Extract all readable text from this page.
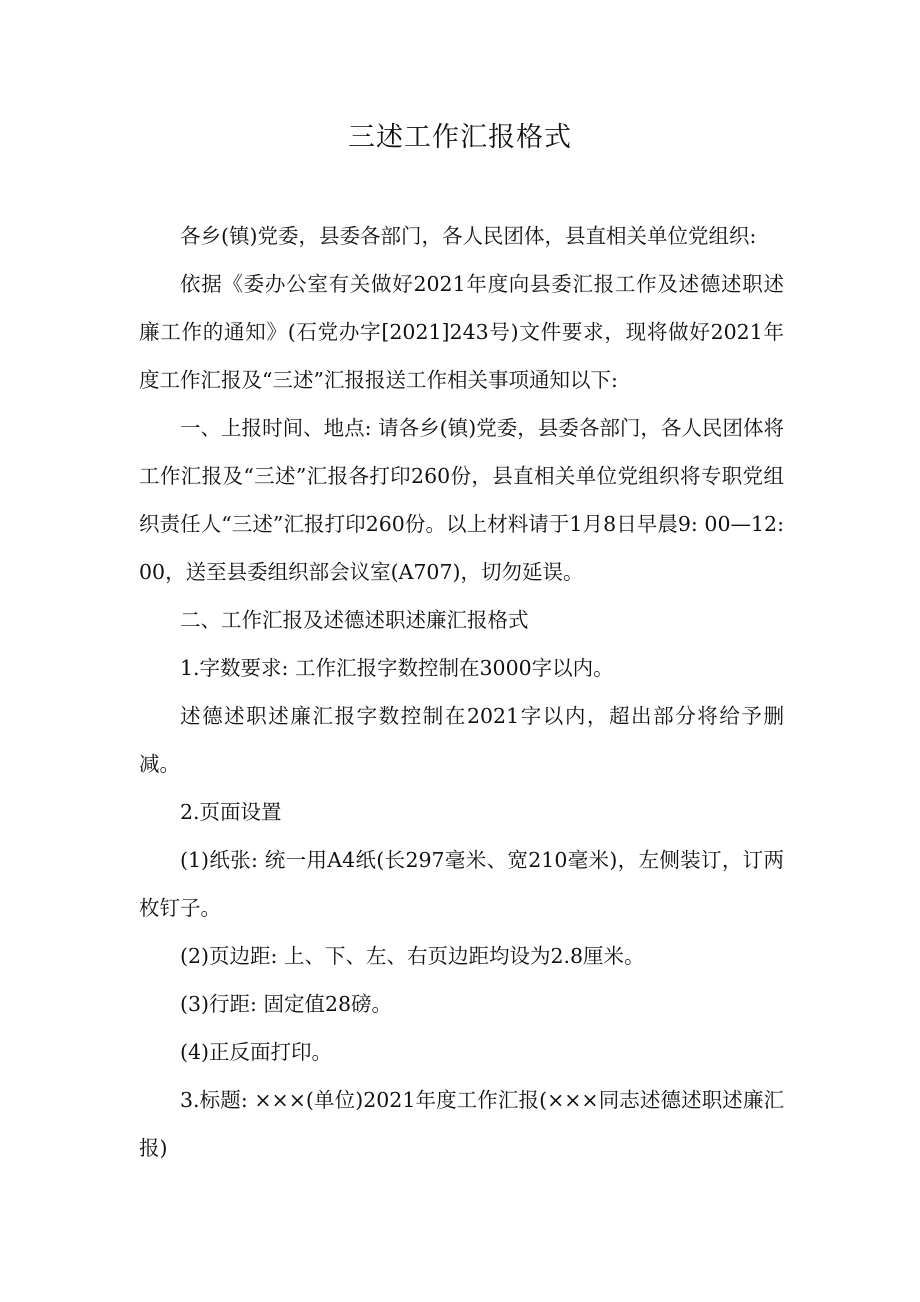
三述工作汇报格式

各乡(镇)党委，县委各部门，各人民团体，县直相关单位党组织:

依据《委办公室有关做好2021年度向县委汇报工作及述德述职述廉工作的通知》(石党办字[2021]243号)文件要求，现将做好2021年度工作汇报及“三述”汇报报送工作相关事项通知以下:

一、上报时间、地点: 请各乡(镇)党委，县委各部门，各人民团体将工作汇报及“三述”汇报各打印260份，县直相关单位党组织将专职党组织责任人“三述”汇报打印260份。以上材料请于1月8日早晨9: 00—12: 00，送至县委组织部会议室(A707)，切勿延误。

二、工作汇报及述德述职述廉汇报格式

1.字数要求: 工作汇报字数控制在3000字以内。

述德述职述廉汇报字数控制在2021字以内，超出部分将给予删减。

2.页面设置

(1)纸张: 统一用A4纸(长297毫米、宽210毫米)，左侧装订，订两枚钉子。

(2)页边距: 上、下、左、右页边距均设为2.8厘米。

(3)行距: 固定值28磅。

(4)正反面打印。

3.标题: ×××(单位)2021年度工作汇报(×××同志述德述职述廉汇报)
